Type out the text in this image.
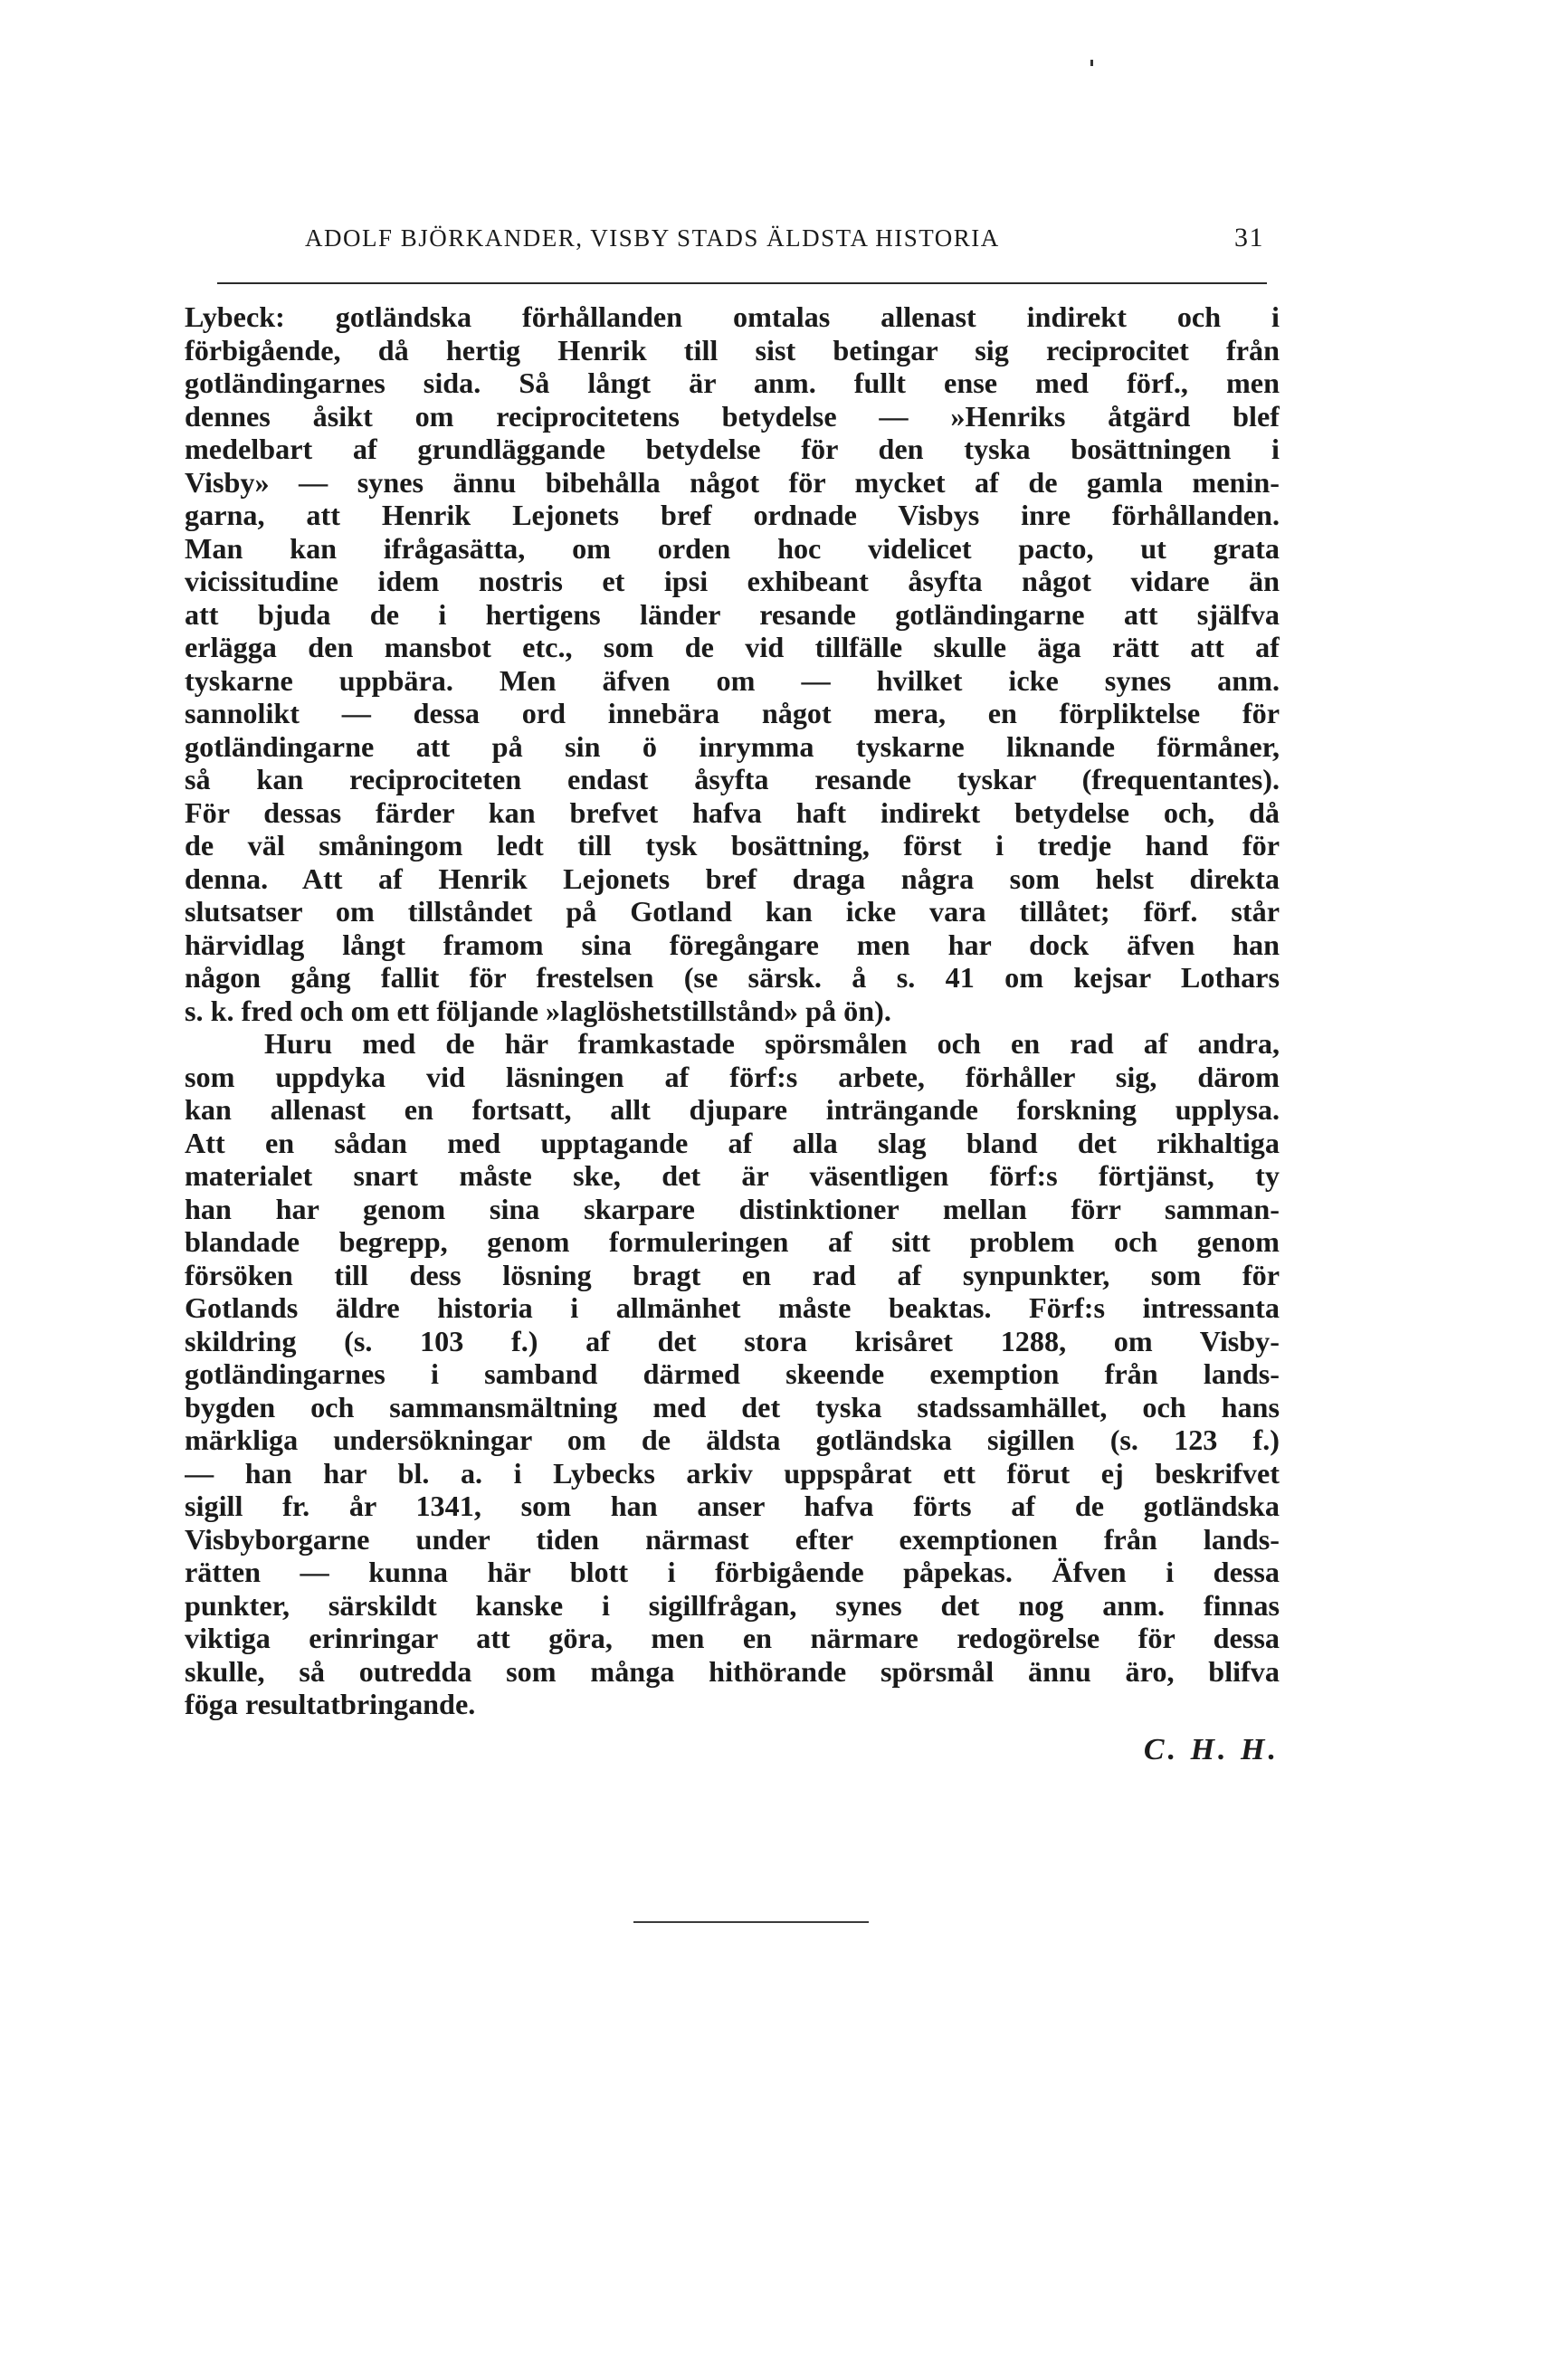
ADOLF BJÖRKANDER, VISBY STADS ÄLDSTA HISTORIA	31
Lybeck: gotländska förhållanden omtalas allenast indirekt och i
förbigående, då hertig Henrik till sist betingar sig reciprocitet från
gotländingarnes sida. Så långt är anm. fullt ense med förf., men
dennes åsikt om reciprocitetens betydelse — »Henriks åtgärd blef
medelbart af grundläggande betydelse för den tyska bosättningen i
Visby» — synes ännu bibehålla något för mycket af de gamla menin-
garna, att Henrik Lejonets bref ordnade Visbys inre förhållanden.
Man kan ifrågasätta, om orden hoc videlicet pacto, ut grata
vicissitudine idem nostris et ipsi exhibeant åsyfta något vidare än
att bjuda de i hertigens länder resande gotländingarne att själfva
erlägga den mansbot etc., som de vid tillfälle skulle äga rätt att af
tyskarne uppbära. Men äfven om — hvilket icke synes anm.
sannolikt — dessa ord innebära något mera, en förpliktelse för
gotländingarne att på sin ö inrymma tyskarne liknande förmåner,
så kan reciprociteten endast åsyfta resande tyskar (frequentantes).
För dessas färder kan brefvet hafva haft indirekt betydelse och, då
de väl småningom ledt till tysk bosättning, först i tredje hand för
denna. Att af Henrik Lejonets bref draga några som helst direkta
slutsatser om tillståndet på Gotland kan icke vara tillåtet; förf. står
härvidlag långt framom sina föregångare men har dock äfven han
någon gång fallit för frestelsen (se särsk. å s. 41 om kejsar Lothars
s. k. fred och om ett följande »laglöshetstillstånd» på ön).
Huru med de här framkastade spörsmålen och en rad af andra,
som uppdyka vid läsningen af förf:s arbete, förhåller sig, därom
kan allenast en fortsatt, allt djupare inträngande forskning upplysa.
Att en sådan med upptagande af alla slag bland det rikhaltiga
materialet snart måste ske, det är väsentligen förf:s förtjänst, ty
han har genom sina skarpare distinktioner mellan förr samman-
blandade begrepp, genom formuleringen af sitt problem och genom
försöken till dess lösning bragt en rad af synpunkter, som för
Gotlands äldre historia i allmänhet måste beaktas. Förf:s intressanta
skildring (s. 103 f.) af det stora krisåret 1288, om Visby-
gotländingarnes i samband därmed skeende exemption från lands-
bygden och sammansmältning med det tyska stadssamhället, och hans
märkliga undersökningar om de äldsta gotländska sigillen (s. 123 f.)
— han har bl. a. i Lybecks arkiv uppspårat ett förut ej beskrifvet
sigill fr. år 1341, som han anser hafva förts af de gotländska
Visbyborgarne under tiden närmast efter exemptionen från lands-
rätten — kunna här blott i förbigående påpekas. Äfven i dessa
punkter, särskildt kanske i sigillfrågan, synes det nog anm. finnas
viktiga erinringar att göra, men en närmare redogörelse för dessa
skulle, så outredda som många hithörande spörsmål ännu äro, blifva
föga resultatbringande.
C. H. H.
